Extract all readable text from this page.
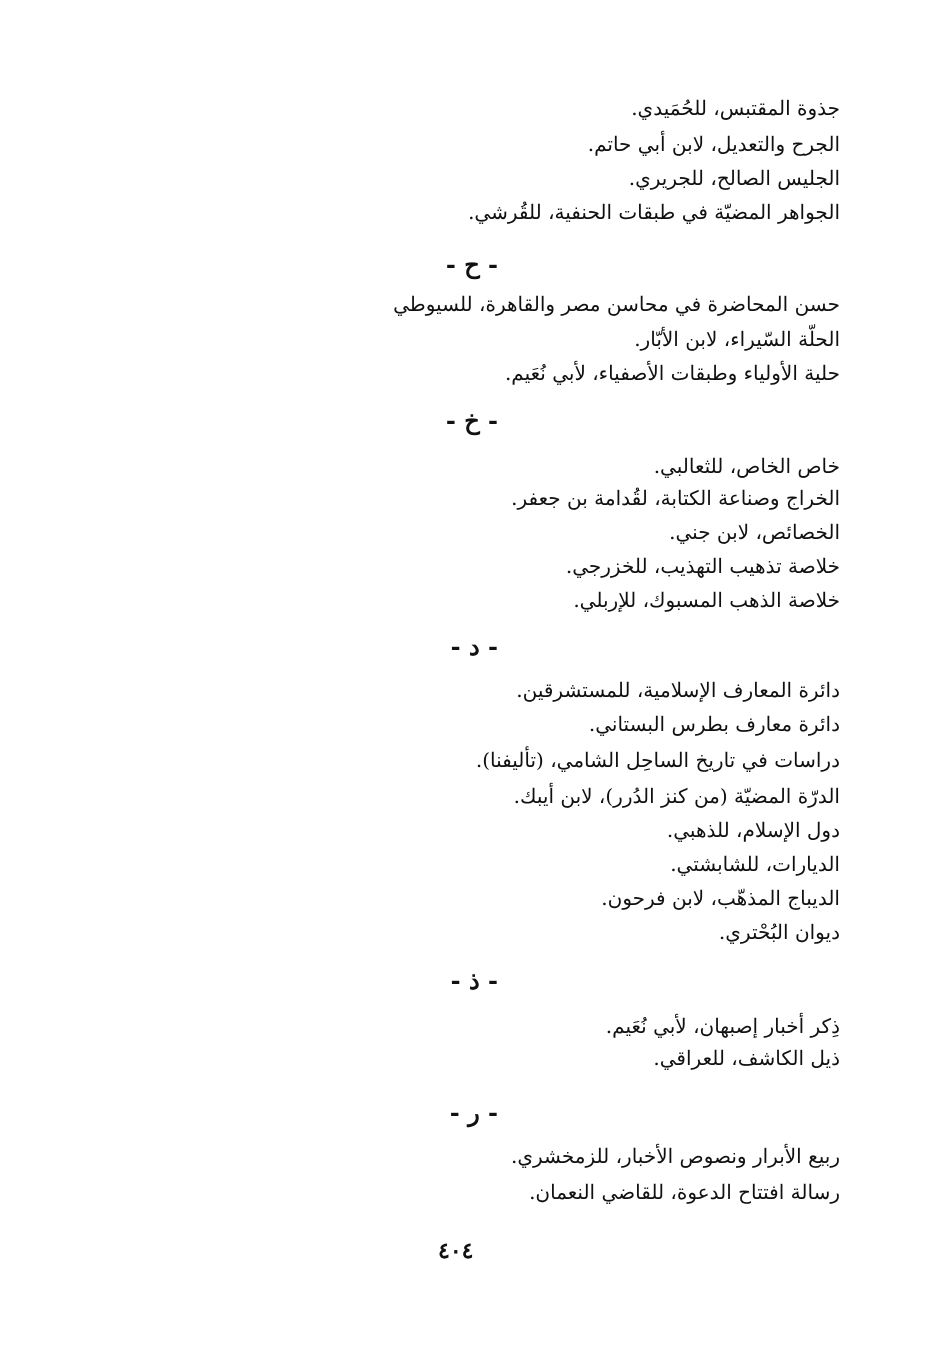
جذوة المقتبس، للحُمَيدي.
الجرح والتعديل، لابن أبي حاتم.
الجليس الصالح، للجريري.
الجواهر المضيّة في طبقات الحنفية، للقُرشي.
- ح -
حسن المحاضرة في محاسن مصر والقاهرة، للسيوطي
الحلّة السّيراء، لابن الأبّار.
حلية الأولياء وطبقات الأصفياء، لأبي نُعَيم.
- خ -
خاص الخاص، للثعالبي.
الخراج وصناعة الكتابة، لقُدامة بن جعفر.
الخصائص، لابن جني.
خلاصة تذهيب التهذيب، للخزرجي.
خلاصة الذهب المسبوك، للإربلي.
- د -
دائرة المعارف الإسلامية، للمستشرقين.
دائرة معارف بطرس البستاني.
دراسات في تاريخ الساحِل الشامي، (تأليفنا).
الدرّة المضيّة (من كنز الدُرر)، لابن أيبك.
دول الإسلام، للذهبي.
الديارات، للشابشتي.
الديباج المذهّب، لابن فرحون.
ديوان البُحْتري.
- ذ -
ذِكر أخبار إصبهان، لأبي نُعَيم.
ذيل الكاشف، للعراقي.
- ر -
ربيع الأبرار ونصوص الأخبار، للزمخشري.
رسالة افتتاح الدعوة، للقاضي النعمان.
٤٠٤
